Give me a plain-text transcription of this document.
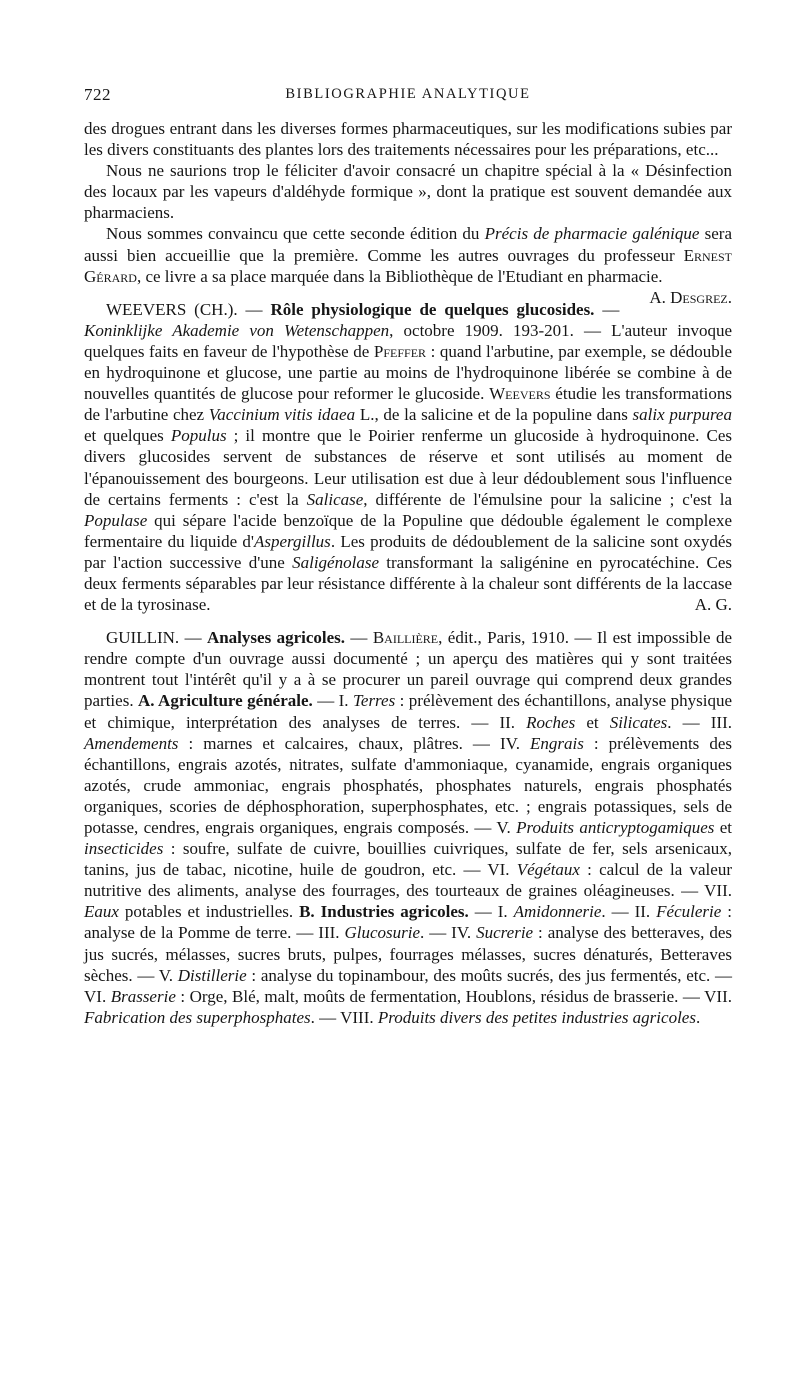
722	BIBLIOGRAPHIE ANALYTIQUE

des drogues entrant dans les diverses formes pharmaceutiques, sur les modifications subies par les divers constituants des plantes lors des traitements nécessaires pour les préparations, etc...

Nous ne saurions trop le féliciter d'avoir consacré un chapitre spécial à la « Désinfection des locaux par les vapeurs d'aldéhyde formique », dont la pratique est souvent demandée aux pharmaciens.

Nous sommes convaincu que cette seconde édition du Précis de pharmacie galénique sera aussi bien accueillie que la première. Comme les autres ouvrages du professeur Ernest Gérard, ce livre a sa place marquée dans la Bibliothèque de l'Etudiant en pharmacie.
A. Desgrez.

WEEVERS (CH.). — Rôle physiologique de quelques glucosides. — Koninklijke Akademie von Wetenschappen, octobre 1909. 193-201. — L'auteur invoque quelques faits en faveur de l'hypothèse de Pfeffer : quand l'arbutine, par exemple, se dédouble en hydroquinone et glucose, une partie au moins de l'hydroquinone libérée se combine à de nouvelles quantités de glucose pour reformer le glucoside. Weevers étudie les transformations de l'arbutine chez Vaccinium vitis idaea L., de la salicine et de la populine dans salix purpurea et quelques Populus ; il montre que le Poirier renferme un glucoside à hydroquinone. Ces divers glucosides servent de substances de réserve et sont utilisés au moment de l'épanouissement des bourgeons. Leur utilisation est due à leur dédoublement sous l'influence de certains ferments : c'est la Salicase, différente de l'émulsine pour la salicine ; c'est la Populase qui sépare l'acide benzoïque de la Populine que dédouble également le complexe fermentaire du liquide d'Aspergillus. Les produits de dédoublement de la salicine sont oxydés par l'action successive d'une Saligénolase transformant la saligénine en pyrocatéchine. Ces deux ferments séparables par leur résistance différente à la chaleur sont différents de la laccase et de la tyrosinase.	A. G.

GUILLIN. — Analyses agricoles. — Baillière, édit., Paris, 1910. — Il est impossible de rendre compte d'un ouvrage aussi documenté ; un aperçu des matières qui y sont traitées montrent tout l'intérêt qu'il y a à se procurer un pareil ouvrage qui comprend deux grandes parties. A. Agriculture générale. — I. Terres : prélèvement des échantillons, analyse physique et chimique, interprétation des analyses de terres. — II. Roches et Silicates. — III. Amendements : marnes et calcaires, chaux, plâtres. — IV. Engrais : prélèvements des échantillons, engrais azotés, nitrates, sulfate d'ammoniaque, cyanamide, engrais organiques azotés, crude ammoniac, engrais phosphatés, phosphates naturels, engrais phosphatés organiques, scories de déphosphoration, superphosphates, etc. ; engrais potassiques, sels de potasse, cendres, engrais organiques, engrais composés. — V. Produits anticryptogamiques et insecticides : soufre, sulfate de cuivre, bouillies cuivriques, sulfate de fer, sels arsenicaux, tanins, jus de tabac, nicotine, huile de goudron, etc. — VI. Végétaux : calcul de la valeur nutritive des aliments, analyse des fourrages, des tourteaux de graines oléagineuses. — VII. Eaux potables et industrielles. B. Industries agricoles. — I. Amidonnerie. — II. Féculerie : analyse de la Pomme de terre. — III. Glucosurie. — IV. Sucrerie : analyse des betteraves, des jus sucrés, mélasses, sucres bruts, pulpes, fourrages mélasses, sucres dénaturés, Betteraves sèches. — V. Distillerie : analyse du topinambour, des moûts sucrés, des jus fermentés, etc. — VI. Brasserie : Orge, Blé, malt, moûts de fermentation, Houblons, résidus de brasserie. — VII. Fabrication des superphosphates. — VIII. Produits divers des petites industries agricoles.
